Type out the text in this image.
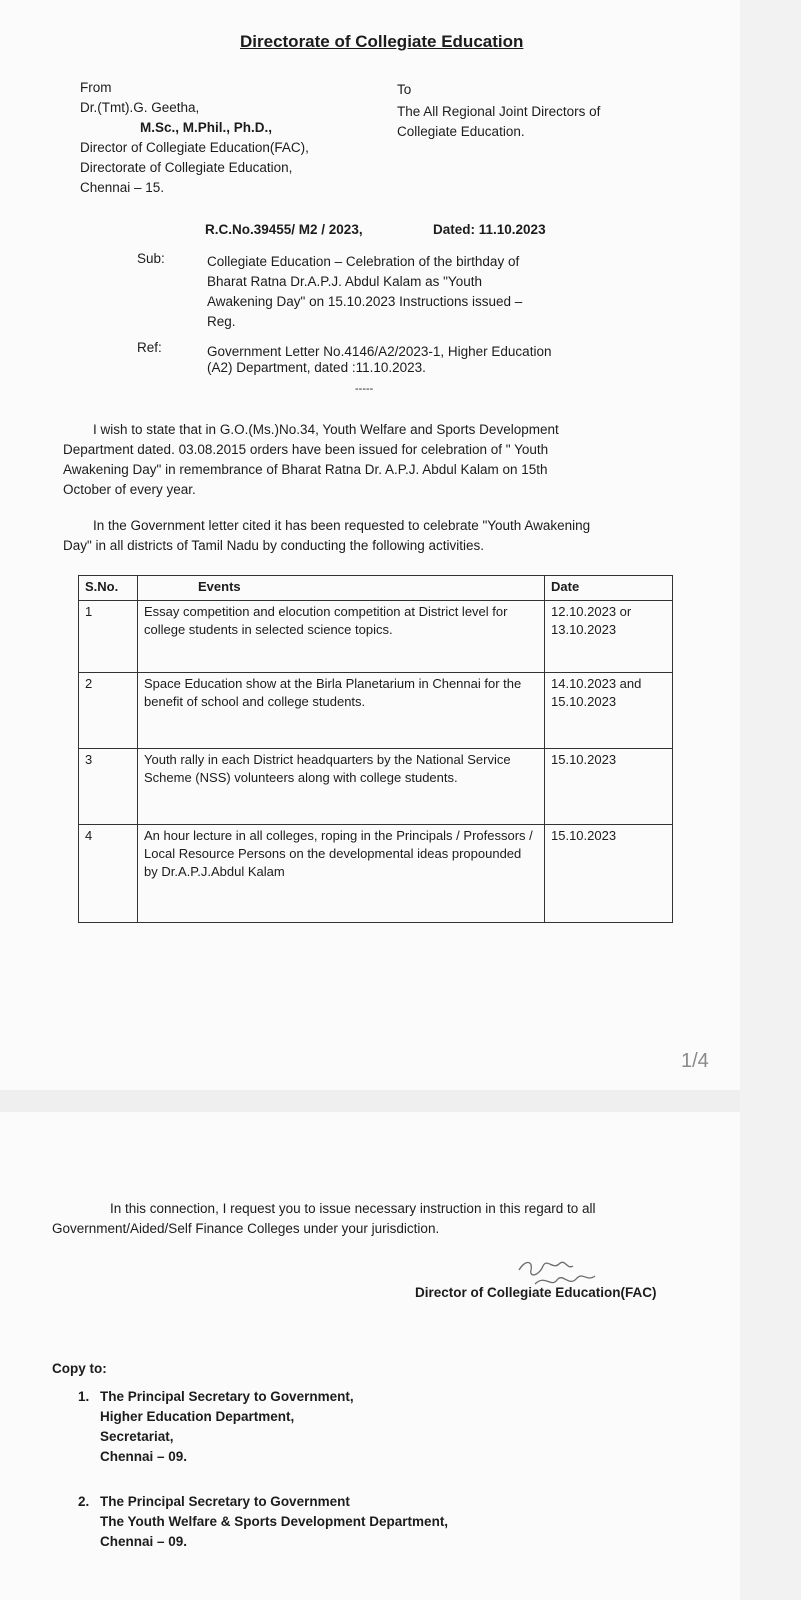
Directorate of Collegiate Education
From
Dr.(Tmt).G. Geetha,
M.Sc., M.Phil., Ph.D.,
Director of Collegiate Education(FAC),
Directorate of Collegiate Education,
Chennai – 15.
To
The All Regional Joint Directors of
Collegiate Education.
R.C.No.39455/ M2 / 2023,	Dated: 11.10.2023
Sub:	Collegiate Education – Celebration of the birthday of
Bharat Ratna Dr.A.P.J. Abdul Kalam as "Youth
Awakening Day" on 15.10.2023 Instructions issued –
Reg.
Ref:	Government Letter No.4146/A2/2023-1, Higher Education
(A2) Department, dated :11.10.2023.
-----
I wish to state that in G.O.(Ms.)No.34, Youth Welfare and Sports Development
Department dated. 03.08.2015 orders have been issued for celebration of " Youth
Awakening Day" in remembrance of Bharat Ratna Dr. A.P.J. Abdul Kalam on 15th
October of every year.
In the Government letter cited it has been requested to celebrate "Youth Awakening
Day" in all districts of Tamil Nadu by conducting the following activities.
S.No.	Events	Date
1	Essay competition and elocution competition at District level for college students in selected science topics.	12.10.2023 or 13.10.2023
2	Space Education show at the Birla Planetarium in Chennai for the benefit of school and college students.	14.10.2023 and 15.10.2023
3	Youth rally in each District headquarters by the National Service Scheme (NSS) volunteers along with college students.	15.10.2023
4	An hour lecture in all colleges, roping in the Principals / Professors / Local Resource Persons on the developmental ideas propounded by Dr.A.P.J.Abdul Kalam	15.10.2023
1/4
In this connection, I request you to issue necessary instruction in this regard to all
Government/Aided/Self Finance Colleges under your jurisdiction.
Director of Collegiate Education(FAC)
Copy to:
1. The Principal Secretary to Government,
Higher Education Department,
Secretariat,
Chennai – 09.
2. The Principal Secretary to Government
The Youth Welfare & Sports Development Department,
Chennai – 09.
